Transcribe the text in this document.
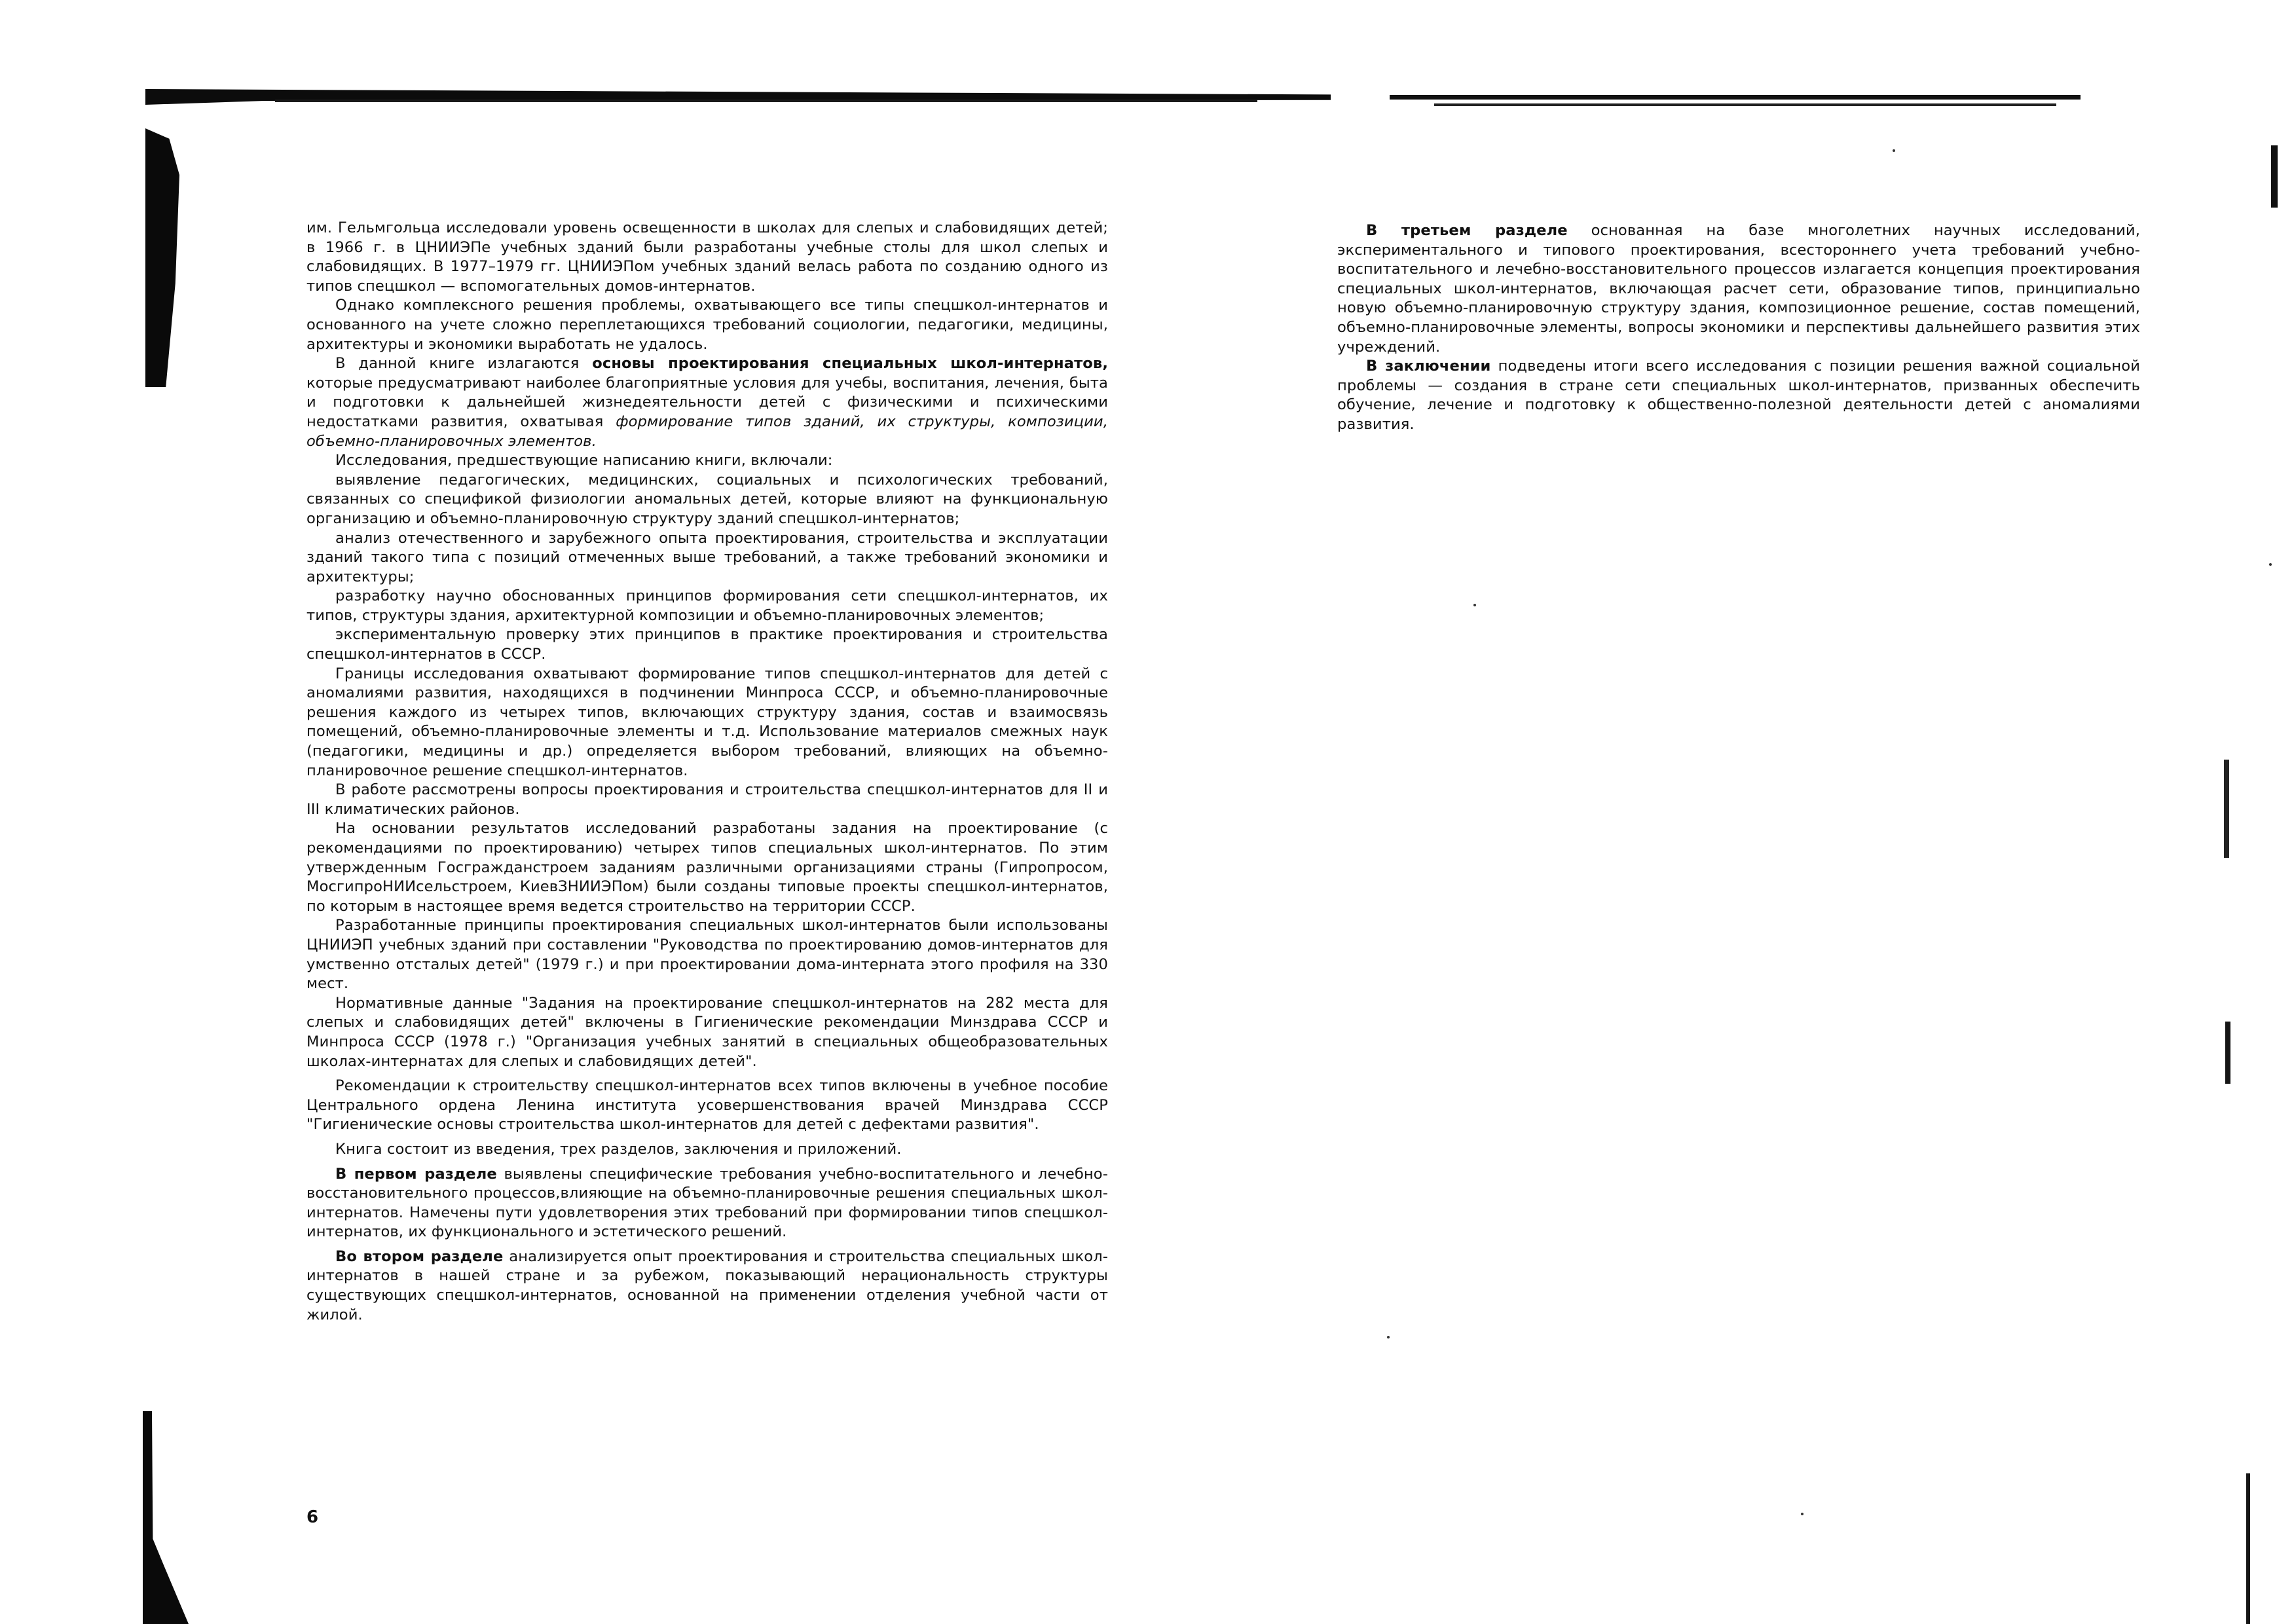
им. Гельмгольца исследовали уровень освещенности в школах для слепых и слабовидящих детей; в 1966 г. в ЦНИИЭПе учебных зданий были разработаны учебные столы для школ слепых и слабовидящих. В 1977–1979 гг. ЦНИИЭПом учебных зданий велась работа по созданию одного из типов спецшкол — вспомогательных домов-интернатов.

Однако комплексного решения проблемы, охватывающего все типы спецшкол-интернатов и основанного на учете сложно переплетающихся требований социологии, педагогики, медицины, архитектуры и экономики выработать не удалось.

В данной книге излагаются основы проектирования специальных школ-интернатов, которые предусматривают наиболее благоприятные условия для учебы, воспитания, лечения, быта и подготовки к дальнейшей жизнедеятельности детей с физическими и психическими недостатками развития, охватывая формирование типов зданий, их структуры, композиции, объемно-планировочных элементов.

Исследования, предшествующие написанию книги, включали:

выявление педагогических, медицинских, социальных и психологических требований, связанных со спецификой физиологии аномальных детей, которые влияют на функциональную организацию и объемно-планировочную структуру зданий спецшкол-интернатов;

анализ отечественного и зарубежного опыта проектирования, строительства и эксплуатации зданий такого типа с позиций отмеченных выше требований, а также требований экономики и архитектуры;

разработку научно обоснованных принципов формирования сети спецшкол-интернатов, их типов, структуры здания, архитектурной композиции и объемно-планировочных элементов;

экспериментальную проверку этих принципов в практике проектирования и строительства спецшкол-интернатов в СССР.

Границы исследования охватывают формирование типов спецшкол-интернатов для детей с аномалиями развития, находящихся в подчинении Минпроса СССР, и объемно-планировочные решения каждого из четырех типов, включающих структуру здания, состав и взаимосвязь помещений, объемно-планировочные элементы и т.д. Использование материалов смежных наук (педагогики, медицины и др.) определяется выбором требований, влияющих на объемно-планировочное решение спецшкол-интернатов.

В работе рассмотрены вопросы проектирования и строительства спецшкол-интернатов для II и III климатических районов.

На основании результатов исследований разработаны задания на проектирование (с рекомендациями по проектированию) четырех типов специальных школ-интернатов. По этим утвержденным Госгражданстроем заданиям различными организациями страны (Гипропросом, МосгипроНИИсельстроем, КиевЗНИИЭПом) были созданы типовые проекты спецшкол-интернатов, по которым в настоящее время ведется строительство на территории СССР.

Разработанные принципы проектирования специальных школ-интернатов были использованы ЦНИИЭП учебных зданий при составлении "Руководства по проектированию домов-интернатов для умственно отсталых детей" (1979 г.) и при проектировании дома-интерната этого профиля на 330 мест.

Нормативные данные "Задания на проектирование спецшкол-интернатов на 282 места для слепых и слабовидящих детей" включены в Гигиенические рекомендации Минздрава СССР и Минпроса СССР (1978 г.) "Организация учебных занятий в специальных общеобразовательных школах-интернатах для слепых и слабовидящих детей".

Рекомендации к строительству спецшкол-интернатов всех типов включены в учебное пособие Центрального ордена Ленина института усовершенствования врачей Минздрава СССР "Гигиенические основы строительства школ-интернатов для детей с дефектами развития".

Книга состоит из введения, трех разделов, заключения и приложений.

В первом разделе выявлены специфические требования учебно-воспитательного и лечебно-восстановительного процессов,влияющие на объемно-планировочные решения специальных школ-интернатов. Намечены пути удовлетворения этих требований при формировании типов спецшкол-интернатов, их функционального и эстетического решений.

Во втором разделе анализируется опыт проектирования и строительства специальных школ-интернатов в нашей стране и за рубежом, показывающий нерациональность структуры существующих спецшкол-интернатов, основанной на применении отделения учебной части от жилой.

6

В третьем разделе основанная на базе многолетних научных исследований, экспериментального и типового проектирования, всестороннего учета требований учебно-воспитательного и лечебно-восстановительного процессов излагается концепция проектирования специальных школ-интернатов, включающая расчет сети, образование типов, принципиально новую объемно-планировочную структуру здания, композиционное решение, состав помещений, объемно-планировочные элементы, вопросы экономики и перспективы дальнейшего развития этих учреждений.

В заключении подведены итоги всего исследования с позиции решения важной социальной проблемы — создания в стране сети специальных школ-интернатов, призванных обеспечить обучение, лечение и подготовку к общественно-полезной деятельности детей с аномалиями развития.
